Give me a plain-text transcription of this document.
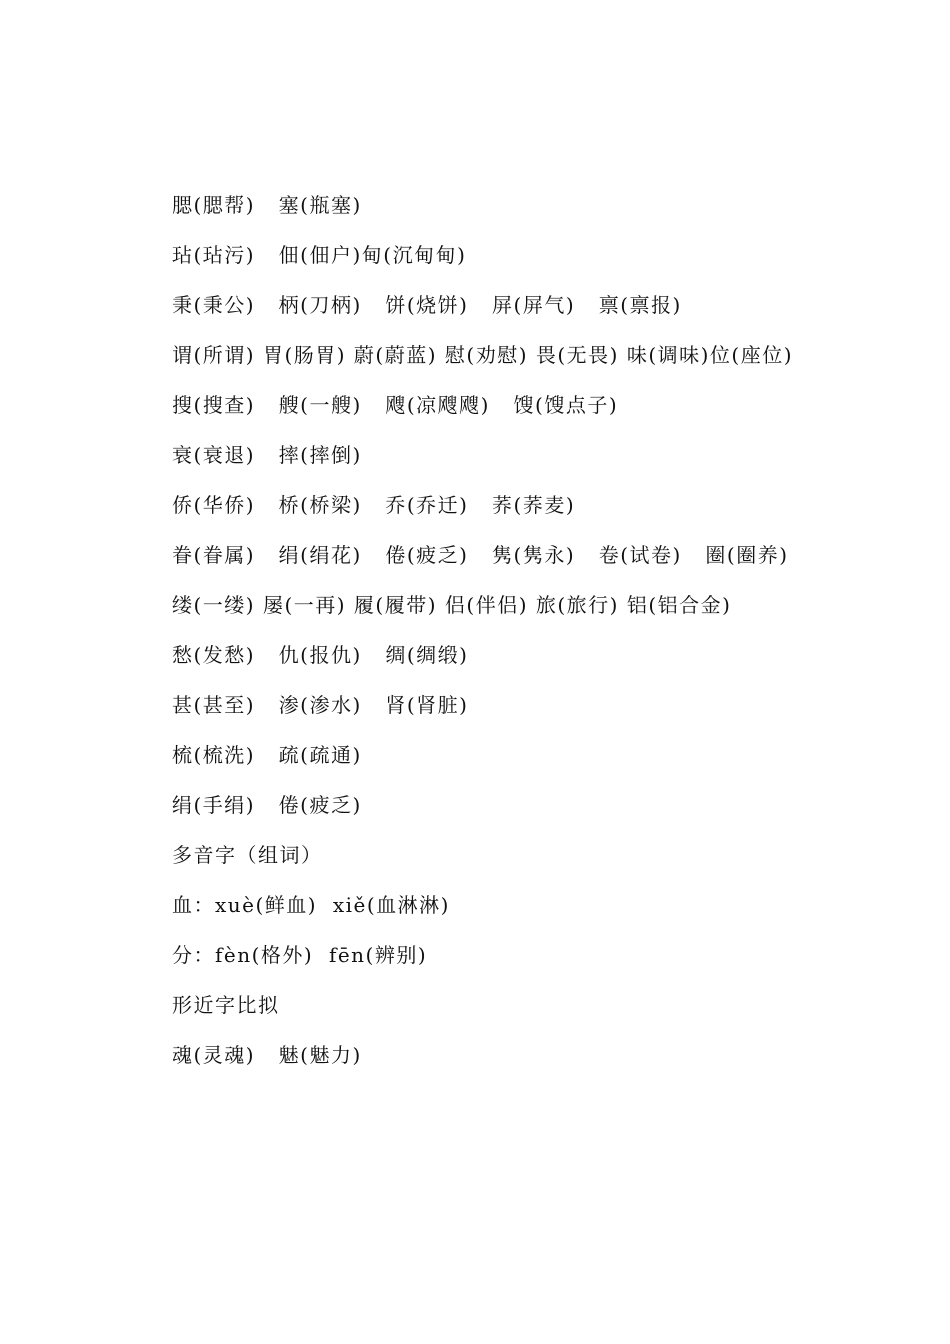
腮(腮帮)   塞(瓶塞)
玷(玷污)   佃(佃户)甸(沉甸甸)
秉(秉公)   柄(刀柄)   饼(烧饼)   屏(屏气)   禀(禀报)
谓(所谓) 胃(肠胃) 蔚(蔚蓝) 慰(劝慰) 畏(无畏) 味(调味)位(座位)
搜(搜查)   艘(一艘)   飕(凉飕飕)   馊(馊点子)
衰(衰退)   摔(摔倒)
侨(华侨)   桥(桥梁)   乔(乔迁)   荞(荞麦)
眷(眷属)   绢(绢花)   倦(疲乏)   隽(隽永)   卷(试卷)   圈(圈养)
缕(一缕) 屡(一再) 履(履带) 侣(伴侣) 旅(旅行) 铝(铝合金)
愁(发愁)   仇(报仇)   绸(绸缎)
甚(甚至)   渗(渗水)   肾(肾脏)
梳(梳洗)   疏(疏通)
绢(手绢)   倦(疲乏)
多音字（组词）
血：xuè(鲜血)  xiě(血淋淋)
分：fèn(格外)  fēn(辨别)
形近字比拟
魂(灵魂)   魅(魅力)
